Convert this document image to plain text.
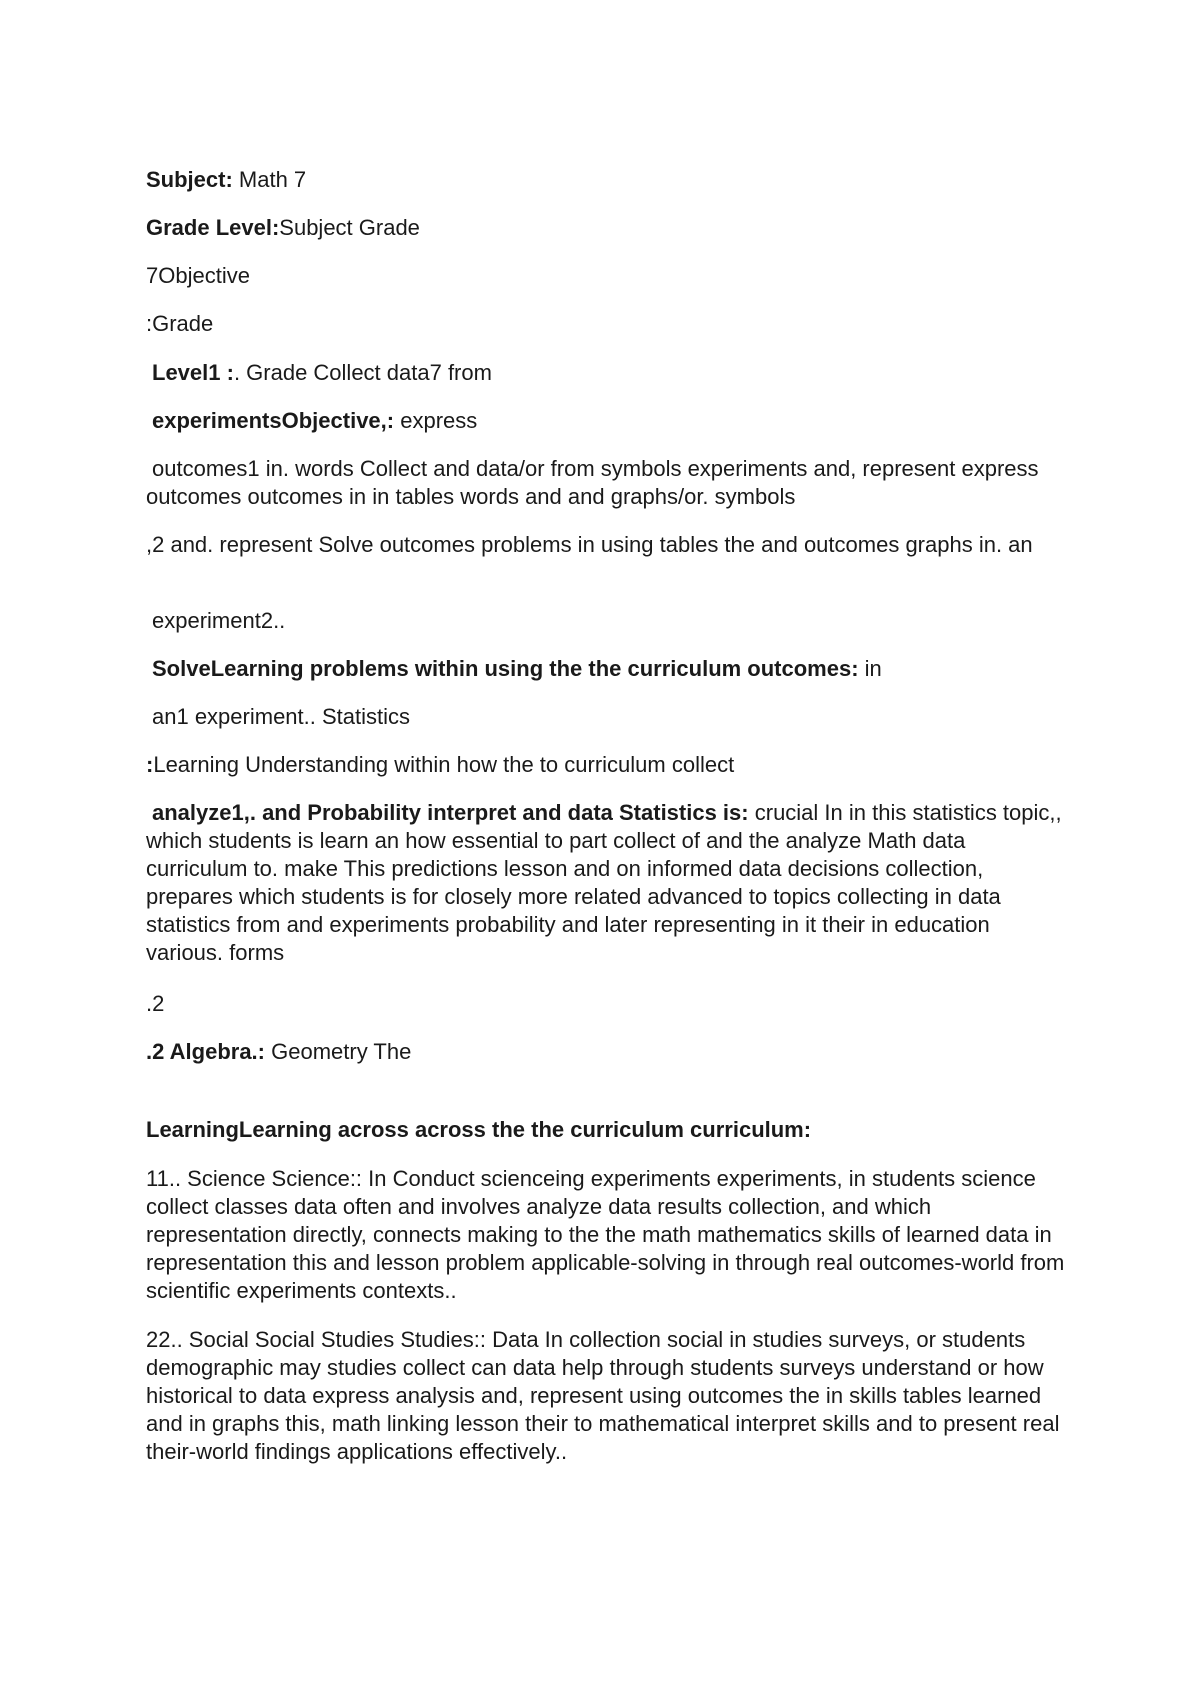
Subject: Math 7

Grade Level:Subject Grade

7Objective

:Grade

Level1 :. Grade Collect data7 from

experimentsObjective,: express

outcomes1 in. words Collect and data/or from symbols experiments and, represent express outcomes outcomes in in tables words and and graphs/or. symbols

,2 and. represent Solve outcomes problems in using tables the and outcomes graphs in. an

experiment2..

SolveLearning problems within using the the curriculum outcomes: in

an1 experiment.. Statistics

:Learning Understanding within how the to curriculum collect

analyze1,. and Probability interpret and data Statistics is: crucial In in this statistics topic,, which students is learn an how essential to part collect of and the analyze Math data curriculum to. make This predictions lesson and on informed data decisions collection, prepares which students is for closely more related advanced to topics collecting in data statistics from and experiments probability and later representing in it their in education various. forms

.2

.2 Algebra.: Geometry The

LearningLearning across across the the curriculum curriculum:

11.. Science Science:: In Conduct scienceing experiments experiments, in students science collect classes data often and involves analyze data results collection, and which representation directly, connects making to the the math mathematics skills of learned data in representation this and lesson problem applicable-solving in through real outcomes-world from scientific experiments contexts..

22.. Social Social Studies Studies:: Data In collection social in studies surveys, or students demographic may studies collect can data help through students surveys understand or how historical to data express analysis and, represent using outcomes the in skills tables learned and in graphs this, math linking lesson their to mathematical interpret skills and to present real their-world findings applications effectively..
